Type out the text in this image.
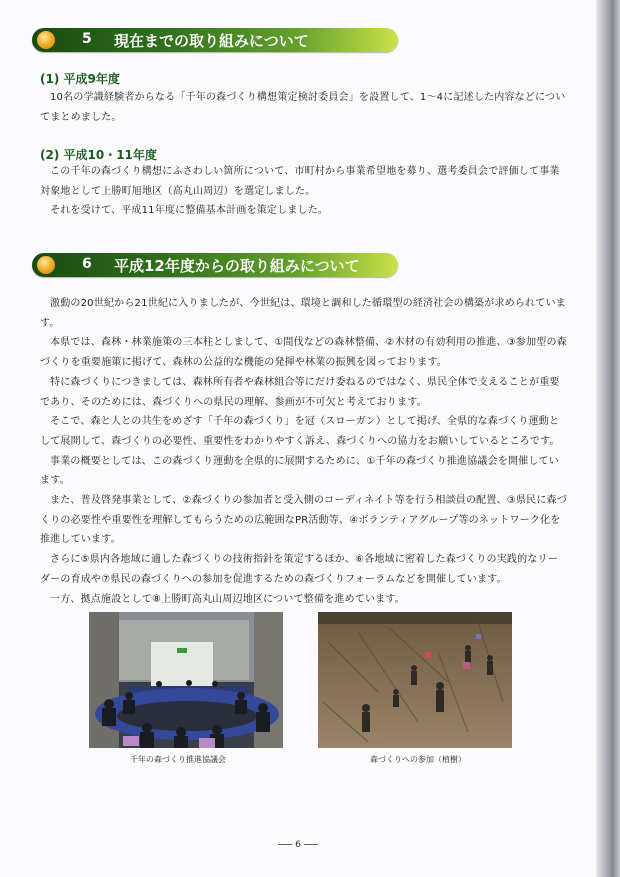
5 現在までの取り組みについて
(1) 平成9年度

10名の学識経験者からなる「千年の森づくり構想策定検討委員会」を設置して、1～4に記述した内容などについてまとめました。

(2) 平成10・11年度

この千年の森づくり構想にふさわしい箇所について、市町村から事業希望地を募り、選考委員会で評価して事業対象地として上勝町旭地区（高丸山周辺）を選定しました。

それを受けて、平成11年度に整備基本計画を策定しました。

6 平成12年度からの取り組みについて

激動の20世紀から21世紀に入りましたが、今世紀は、環境と調和した循環型の経済社会の構築が求められています。

本県では、森林・林業施策の三本柱としまして、①間伐などの森林整備、②木材の有効利用の推進、③参加型の森づくりを重要施策に掲げて、森林の公益的な機能の発揮や林業の振興を図っております。

特に森づくりにつきましては、森林所有者や森林組合等にだけ委ねるのではなく、県民全体で支えることが重要であり、そのためには、森づくりへの県民の理解、参画が不可欠と考えております。

そこで、森と人との共生をめざす「千年の森づくり」を冠（スローガン）として掲げ、全県的な森づくり運動として展開して、森づくりの必要性、重要性をわかりやすく訴え、森づくりへの協力をお願いしているところです。

事業の概要としては、この森づくり運動を全県的に展開するために、①千年の森づくり推進協議会を開催しています。

また、普及啓発事業として、②森づくりの参加者と受入側のコーディネイト等を行う相談員の配置、③県民に森づくりの必要性や重要性を理解してもらうための広範囲なPR活動等、④ボランティアグループ等のネットワーク化を推進しています。

さらに⑤県内各地域に適した森づくりの技術指針を策定するほか、⑥各地域に密着した森づくりの実践的なリーダーの育成や⑦県民の森づくりへの参加を促進するための森づくりフォーラムなどを開催しています。

一方、拠点施設として⑧上勝町高丸山周辺地区について整備を進めています。

千年の森づくり推進協議会	森づくりへの参加（植樹）
6
